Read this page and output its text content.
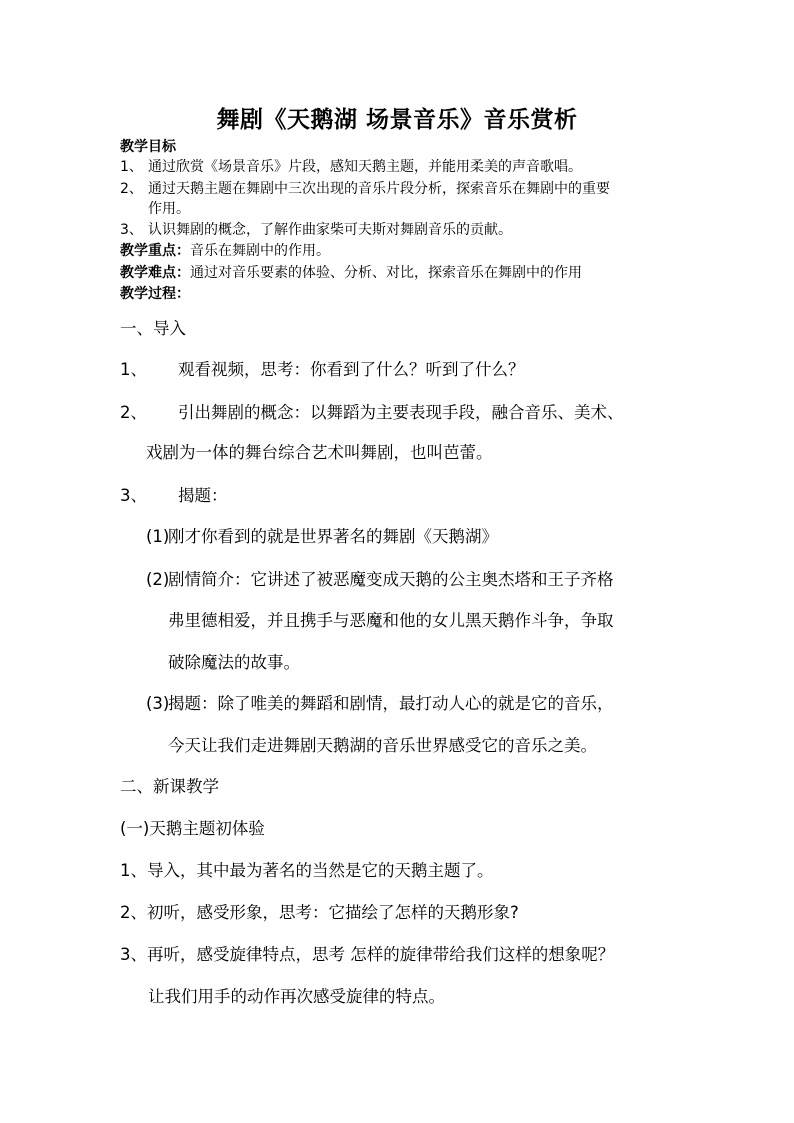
舞剧《天鹅湖 场景音乐》音乐赏析
教学目标
1、 通过欣赏《场景音乐》片段，感知天鹅主题，并能用柔美的声音歌唱。
2、 通过天鹅主题在舞剧中三次出现的音乐片段分析，探索音乐在舞剧中的重要
作用。
3、 认识舞剧的概念，了解作曲家柴可夫斯对舞剧音乐的贡献。
教学重点：音乐在舞剧中的作用。
教学难点：通过对音乐要素的体验、分析、对比，探索音乐在舞剧中的作用
教学过程：
一、导入
1、 观看视频，思考：你看到了什么？听到了什么？
2、 引出舞剧的概念：以舞蹈为主要表现手段，融合音乐、美术、
戏剧为一体的舞台综合艺术叫舞剧，也叫芭蕾。
3、 揭题：
(1)刚才你看到的就是世界著名的舞剧《天鹅湖》
(2)剧情简介：它讲述了被恶魔变成天鹅的公主奥杰塔和王子齐格
弗里德相爱，并且携手与恶魔和他的女儿黑天鹅作斗争，争取
破除魔法的故事。
(3)揭题：除了唯美的舞蹈和剧情，最打动人心的就是它的音乐，
今天让我们走进舞剧天鹅湖的音乐世界感受它的音乐之美。
二、新课教学
(一)天鹅主题初体验
1、导入，其中最为著名的当然是它的天鹅主题了。
2、初听，感受形象，思考：它描绘了怎样的天鹅形象?
3、再听，感受旋律特点，思考 怎样的旋律带给我们这样的想象呢？
让我们用手的动作再次感受旋律的特点。
